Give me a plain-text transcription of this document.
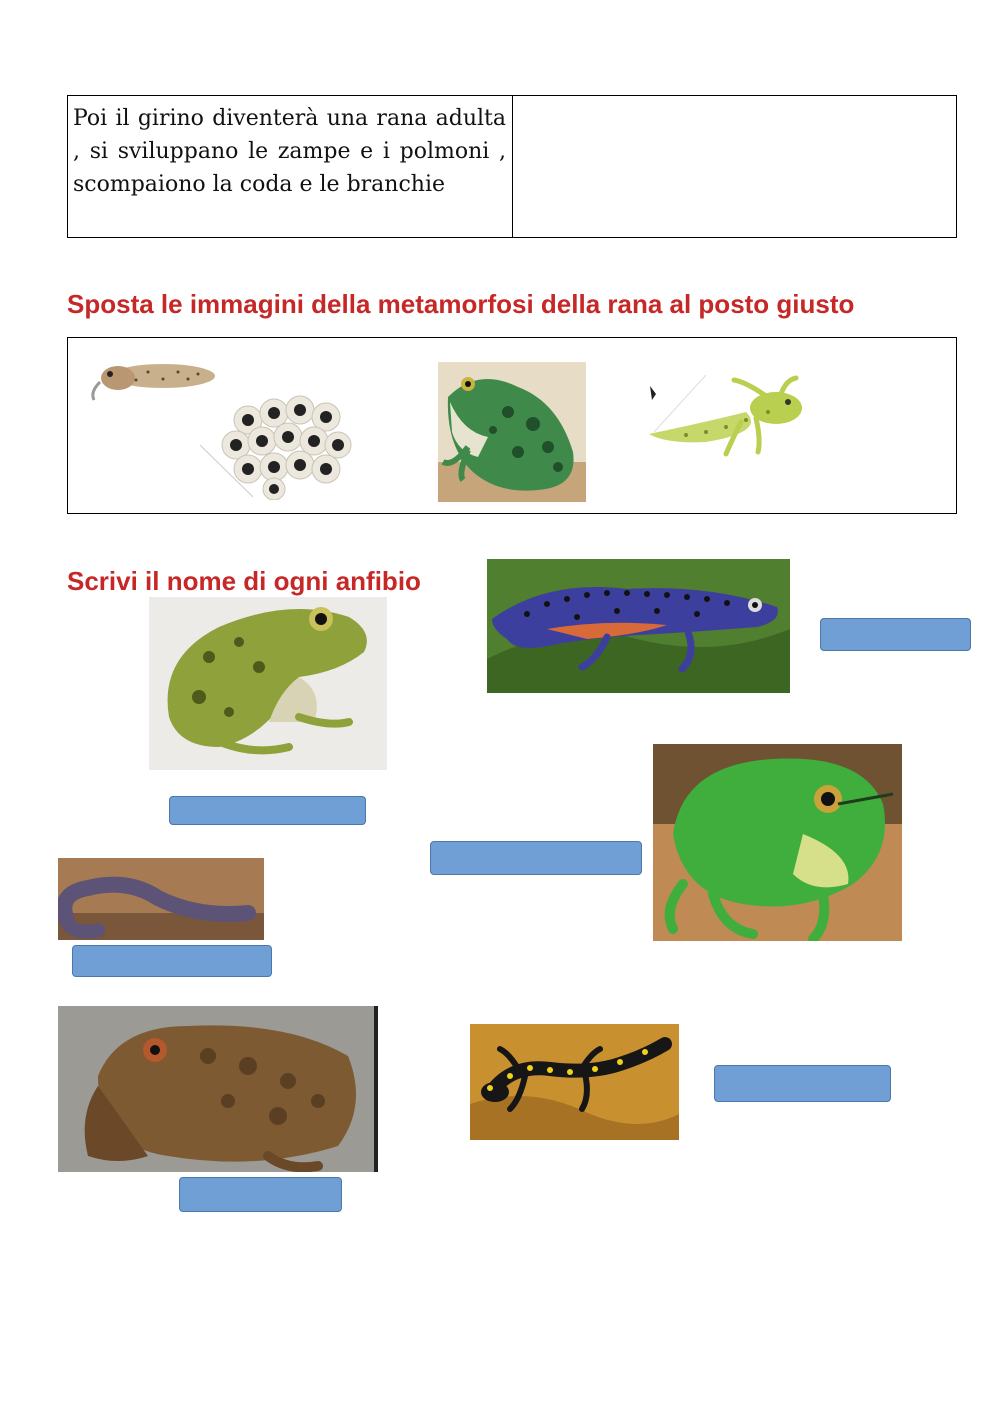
Poi il girino diventerà una rana adulta , si sviluppano le zampe e i polmoni , scompaiono la coda e le branchie
Sposta le immagini della metamorfosi della rana al posto giusto
Scrivi il nome di ogni anfibio
